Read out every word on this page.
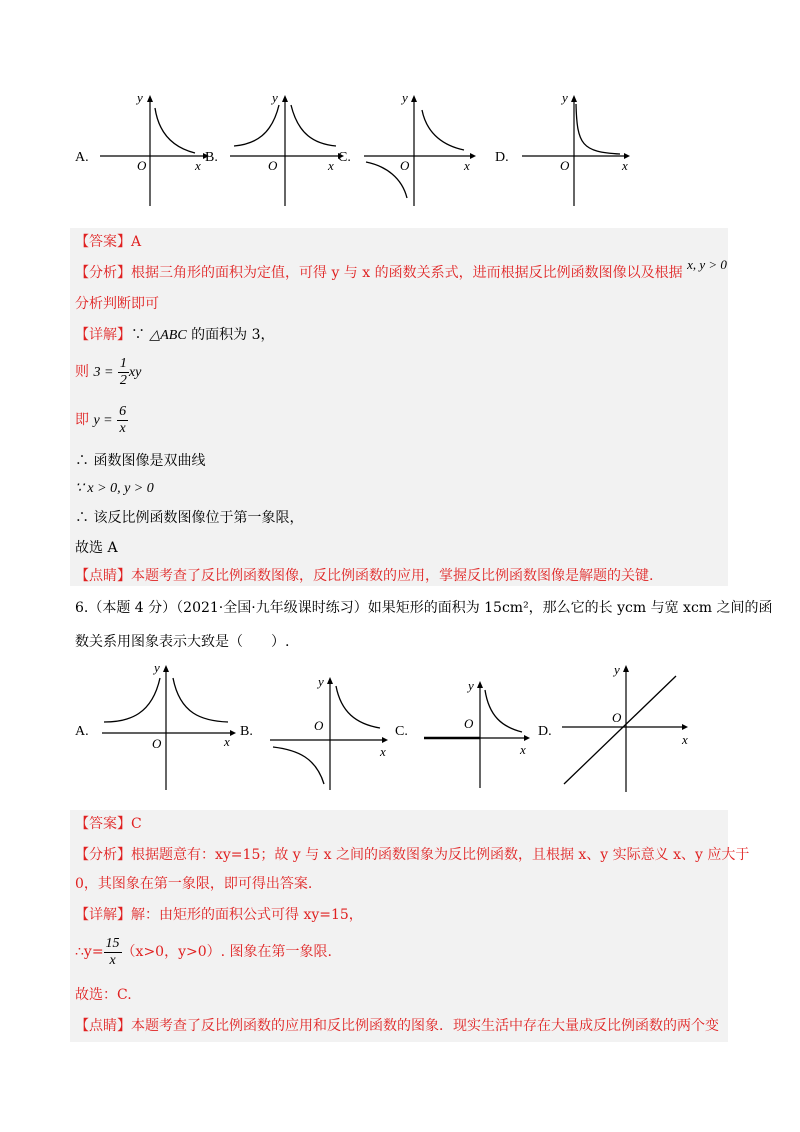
A.
y
O	x
B.
y
O	x
C.
y
O	x
D.
y
O	x
【答案】A
【分析】根据三角形的面积为定值，可得 y 与 x 的函数关系式，进而根据反比例函数图像以及根据 x, y > 0
分析判断即可
【详解】∵ △ABC 的面积为 3，
则 $3 = \frac{1}{2}$ xy
即 $y = \frac{6}{x}$
∴ 函数图像是双曲线
∵ x > 0, y > 0
∴ 该反比例函数图像位于第一象限，
故选 A
【点睛】本题考查了反比例函数图像，反比例函数的应用，掌握反比例函数图像是解题的关键.
6.（本题 4 分）（2021·全国·九年级课时练习）如果矩形的面积为 15cm²，那么它的长 ycm 与宽 xcm 之间的函
数关系用图象表示大致是（　　）.
A.
y
O	x
B.
y
O
x
C.
y
O
x
D.
y
O
x
【答案】C
【分析】根据题意有：xy=15；故 y 与 x 之间的函数图象为反比例函数，且根据 x、y 实际意义 x、y 应大于
0，其图象在第一象限，即可得出答案.
【详解】解：由矩形的面积公式可得 xy=15，
∴y= $\frac{15}{x} (x>0$，y>0）. 图象在第一象限.
故选：C.
【点睛】本题考查了反比例函数的应用和反比例函数的图象．现实生活中存在大量成反比例函数的两个变
